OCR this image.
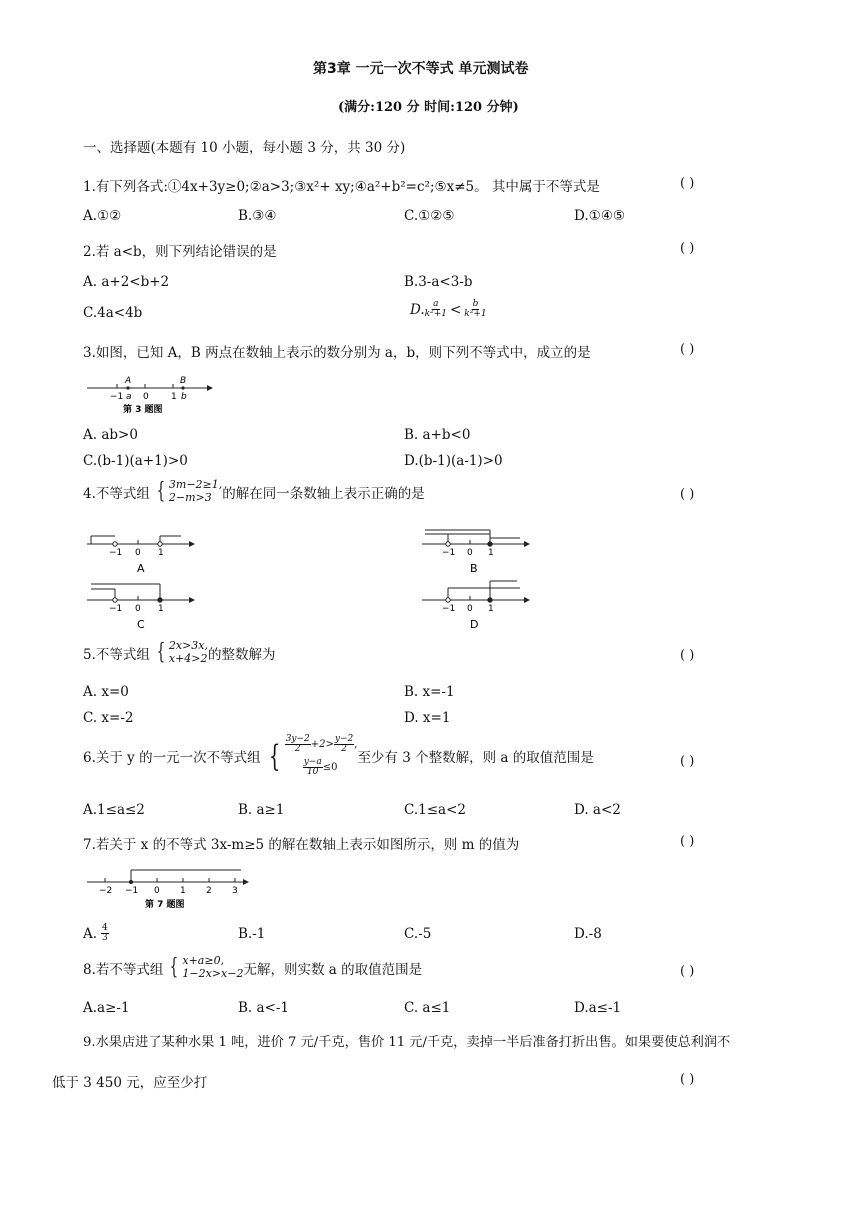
第3章 一元一次不等式 单元测试卷
(满分:120 分 时间:120 分钟)
一、选择题(本题有 10 小题，每小题 3 分，共 30 分)
1.有下列各式:①4x+3y≥0;②a>3;③x²+ xy;④a²+b²=c²;⑤x≠5。 其中属于不等式是	( )
A.①②	B.③④	C.①②⑤	D.①④⑤
2.若 a<b，则下列结论错误的是	( )
A. a+2<b+2	B.3-a<3-b
C.4a<4b	D. $\frac{a}{\text{k²+1}} < \frac{b}{\text{k²+1}}$
3.如图，已知 A，B 两点在数轴上表示的数分别为 a，b，则下列不等式中，成立的是	( )
A	B
−1 a 0 1 b
第 3 题图
A. ab>0	B. a+b<0
C.(b-1)(a+1)>0	D.(b-1)(a-1)>0
4.不等式组 { 3m−2≥1,
2−m>3 的解在同一条数轴上表示正确的是	( )
−1 0 1
A
−1 0 1
B
−1 0 1
C
−1 0 1
D
5.不等式组 { 2x>3x,
x+4>2 的整数解为	( )
A. x=0	B. x=-1
C. x=-2	D. x=1
6.关于 y 的一元一次不等式组 { $\frac{3y-2}{2} +2> \frac{y-2}{2}$ ,
$\frac{y-a}{10} \le 0$
至少有 3 个整数解，则 a 的取值范围是	( )
A.1≤a≤2	B. a≥1	C.1≤a<2	D. a<2
7.若关于 x 的不等式 3x-m≥5 的解在数轴上表示如图所示，则 m 的值为	( )
−2 −1 0 1 2 3
第 7 题图
A. $\frac{4}{3}$	B.-1	C.-5	D.-8
8.若不等式组 { x+a≥0,
1−2x>x−2 无解，则实数 a 的取值范围是	( )
A.a≥-1	B. a<-1	C. a≤1	D.a≤-1
9.水果店进了某种水果 1 吨，进价 7 元/千克，售价 11 元/千克，卖掉一半后准备打折出售。如果要使总利润不
低于 3 450 元，应至少打	( )
